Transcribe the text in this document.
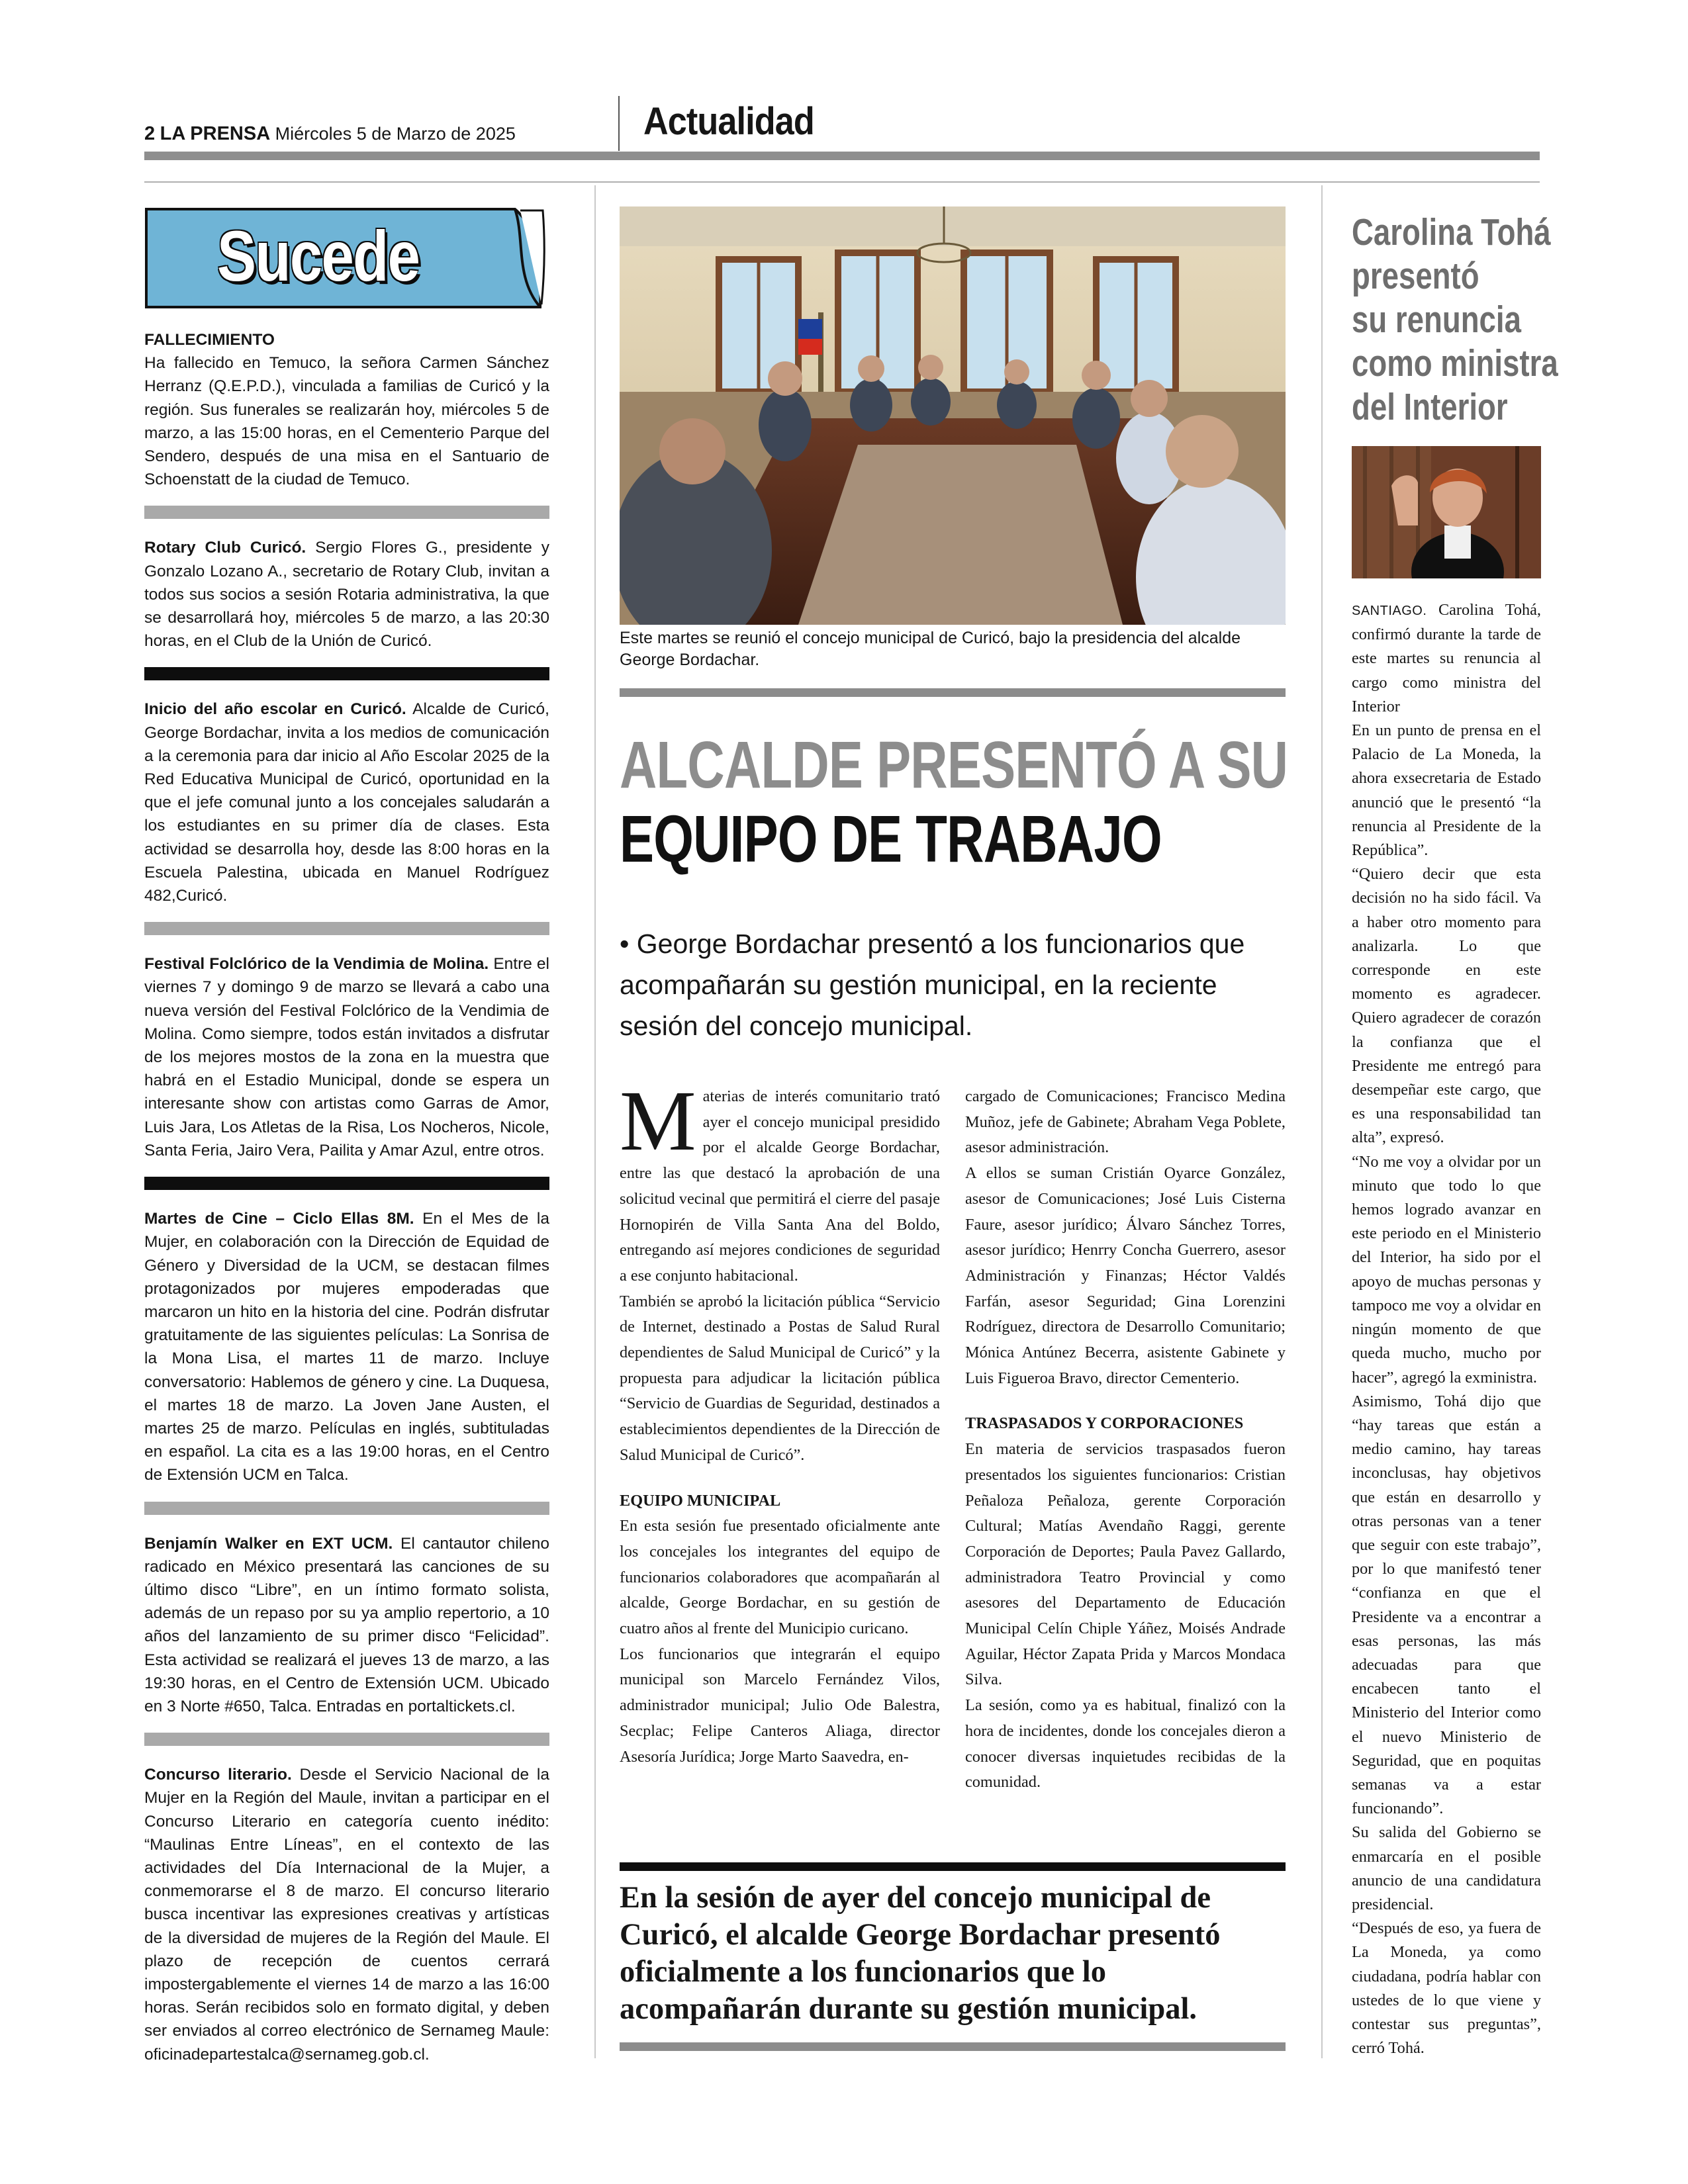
2 LA PRENSA Miércoles 5 de Marzo de 2025	Actualidad
Sucede
FALLECIMIENTO
Ha fallecido en Temuco, la señora Carmen Sánchez Herranz (Q.E.P.D.), vinculada a familias de Curicó y la región. Sus funerales se realizarán hoy, miércoles 5 de marzo, a las 15:00 horas, en el Cementerio Parque del Sendero, después de una misa en el Santuario de Schoenstatt de la ciudad de Temuco.
Rotary Club Curicó. Sergio Flores G., presidente y Gonzalo Lozano A., secretario de Rotary Club, invitan a todos sus socios a sesión Rotaria administrativa, la que se desarrollará hoy, miércoles 5 de marzo, a las 20:30 horas, en el Club de la Unión de Curicó.
Inicio del año escolar en Curicó. Alcalde de Curicó, George Bordachar, invita a los medios de comunicación a la ceremonia para dar inicio al Año Escolar 2025 de la Red Educativa Municipal de Curicó, oportunidad en la que el jefe comunal junto a los concejales saludarán a los estudiantes en su primer día de clases. Esta actividad se desarrolla hoy, desde las 8:00 horas en la Escuela Palestina, ubicada en Manuel Rodríguez 482,Curicó.
Festival Folclórico de la Vendimia de Molina. Entre el viernes 7 y domingo 9 de marzo se llevará a cabo una nueva versión del Festival Folclórico de la Vendimia de Molina. Como siempre, todos están invitados a disfrutar de los mejores mostos de la zona en la muestra que habrá en el Estadio Municipal, donde se espera un interesante show con artistas como Garras de Amor, Luis Jara, Los Atletas de la Risa, Los Nocheros, Nicole, Santa Feria, Jairo Vera, Pailita y Amar Azul, entre otros.
Martes de Cine – Ciclo Ellas 8M. En el Mes de la Mujer, en colaboración con la Dirección de Equidad de Género y Diversidad de la UCM, se destacan filmes protagonizados por mujeres empoderadas que marcaron un hito en la historia del cine. Podrán disfrutar gratuitamente de las siguientes películas: La Sonrisa de la Mona Lisa, el martes 11 de marzo. Incluye conversatorio: Hablemos de género y cine. La Duquesa, el martes 18 de marzo. La Joven Jane Austen, el martes 25 de marzo. Películas en inglés, subtituladas en español. La cita es a las 19:00 horas, en el Centro de Extensión UCM en Talca.
Benjamín Walker en EXT UCM. El cantautor chileno radicado en México presentará las canciones de su último disco “Libre”, en un íntimo formato solista, además de un repaso por su ya amplio repertorio, a 10 años del lanzamiento de su primer disco “Felicidad”. Esta actividad se realizará el jueves 13 de marzo, a las 19:30 horas, en el Centro de Extensión UCM. Ubicado en 3 Norte #650, Talca. Entradas en portaltickets.cl.
Concurso literario. Desde el Servicio Nacional de la Mujer en la Región del Maule, invitan a participar en el Concurso Literario en categoría cuento inédito: “Maulinas Entre Líneas”, en el contexto de las actividades del Día Internacional de la Mujer, a conmemorarse el 8 de marzo. El concurso literario busca incentivar las expresiones creativas y artísticas de la diversidad de mujeres de la Región del Maule. El plazo de recepción de cuentos cerrará impostergablemente el viernes 14 de marzo a las 16:00 horas. Serán recibidos solo en formato digital, y deben ser enviados al correo electrónico de Sernameg Maule: oficinadepartestalca@sernameg.gob.cl.
Este martes se reunió el concejo municipal de Curicó, bajo la presidencia del alcalde George Bordachar.
ALCALDE PRESENTÓ A SU
EQUIPO DE TRABAJO
• George Bordachar presentó a los funcionarios que acompañarán su gestión municipal, en la reciente sesión del concejo municipal.

Materias de interés comunitario trató ayer el concejo municipal presidido por el alcalde George Bordachar, entre las que destacó la aprobación de una solicitud vecinal que permitirá el cierre del pasaje Hornopirén de Villa Santa Ana del Boldo, entregando así mejores condiciones de seguridad a ese conjunto habitacional.

También se aprobó la licitación pública “Servicio de Internet, destinado a Postas de Salud Rural dependientes de Salud Municipal de Curicó” y la propuesta para adjudicar la licitación pública “Servicio de Guardias de Seguridad, destinados a establecimientos dependientes de la Dirección de Salud Municipal de Curicó”.

EQUIPO MUNICIPAL

En esta sesión fue presentado oficialmente ante los concejales los integrantes del equipo de funcionarios colaboradores que acompañarán al alcalde, George Bordachar, en su gestión de cuatro años al frente del Municipio curicano.

Los funcionarios que integrarán el equipo municipal son Marcelo Fernández Vilos, administrador municipal; Julio Ode Balestra, Secplac; Felipe Canteros Aliaga, director Asesoría Jurídica; Jorge Marto Saavedra, en-

cargado de Comunicaciones; Francisco Medina Muñoz, jefe de Gabinete; Abraham Vega Poblete, asesor administración.

A ellos se suman Cristián Oyarce González, asesor de Comunicaciones; José Luis Cisterna Faure, asesor jurídico; Álvaro Sánchez Torres, asesor jurídico; Henrry Concha Guerrero, asesor Administración y Finanzas; Héctor Valdés Farfán, asesor Seguridad; Gina Lorenzini Rodríguez, directora de Desarrollo Comunitario; Mónica Antúnez Becerra, asistente Gabinete y Luis Figueroa Bravo, director Cementerio.

TRASPASADOS Y CORPORACIONES

En materia de servicios traspasados fueron presentados los siguientes funcionarios: Cristian Peñaloza Peñaloza, gerente Corporación Cultural; Matías Avendaño Raggi, gerente Corporación de Deportes; Paula Pavez Gallardo, administradora Teatro Provincial y como asesores del Departamento de Educación Municipal Celín Chiple Yáñez, Moisés Andrade Aguilar, Héctor Zapata Prida y Marcos Mondaca Silva.

La sesión, como ya es habitual, finalizó con la hora de incidentes, donde los concejales dieron a conocer diversas inquietudes recibidas de la comunidad.

En la sesión de ayer del concejo municipal de Curicó, el alcalde George Bordachar presentó oficialmente a los funcionarios que lo acompañarán durante su gestión municipal.
Carolina Tohá
presentó
su renuncia
como ministra
del Interior

SANTIAGO. Carolina Tohá, confirmó durante la tarde de este martes su renuncia al cargo como ministra del Interior

En un punto de prensa en el Palacio de La Moneda, la ahora exsecretaria de Estado anunció que le presentó “la renuncia al Presidente de la República”.

“Quiero decir que esta decisión no ha sido fácil. Va a haber otro momento para analizarla. Lo que corresponde en este momento es agradecer. Quiero agradecer de corazón la confianza que el Presidente me entregó para desempeñar este cargo, que es una responsabilidad tan alta”, expresó.

“No me voy a olvidar por un minuto que todo lo que hemos logrado avanzar en este periodo en el Ministerio del Interior, ha sido por el apoyo de muchas personas y tampoco me voy a olvidar en ningún momento de que queda mucho, mucho por hacer”, agregó la exministra.

Asimismo, Tohá dijo que “hay tareas que están a medio camino, hay tareas inconclusas, hay objetivos que están en desarrollo y otras personas van a tener que seguir con este trabajo”, por lo que manifestó tener “confianza en que el Presidente va a encontrar a esas personas, las más adecuadas para que encabecen tanto el Ministerio del Interior como el nuevo Ministerio de Seguridad, que en poquitas semanas va a estar funcionando”.

Su salida del Gobierno se enmarcaría en el posible anuncio de una candidatura presidencial.

“Después de eso, ya fuera de La Moneda, ya como ciudadana, podría hablar con ustedes de lo que viene y contestar sus preguntas”, cerró Tohá.
